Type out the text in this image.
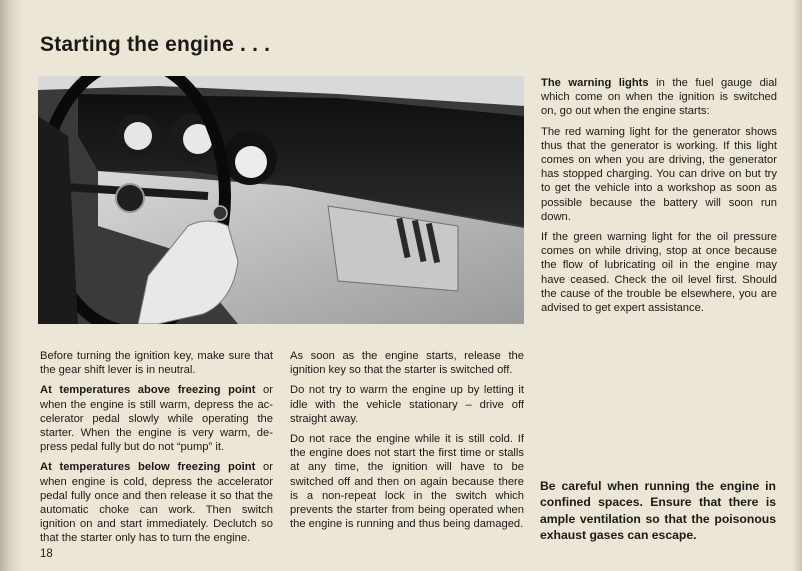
Starting the engine . . .

Before turning the ignition key, make sure that the gear shift lever is in neutral.

At temperatures above freezing point or when the engine is still warm, depress the accelerator pedal slowly while operating the starter. When the engine is very warm, depress pedal fully but do not “pump” it.

At temperatures below freezing point or when engine is cold, depress the accelerator pedal fully once and then release it so that the automatic choke can work. Then switch ignition on and start immediately. Declutch so that the starter only has to turn the engine.

As soon as the engine starts, release the ignition key so that the starter is switched off.

Do not try to warm the engine up by letting it idle with the vehicle stationary – drive off straight away.

Do not race the engine while it is still cold. If the engine does not start the first time or stalls at any time, the ignition will have to be switched off and then on again because there is a non-repeat lock in the switch which prevents the starter from being operated when the engine is running and thus being damaged.

The warning lights in the fuel gauge dial which come on when the ignition is switched on, go out when the engine starts:

The red warning light for the generator shows thus that the generator is working. If this light comes on when you are driving, the generator has stopped charging. You can drive on but try to get the vehicle into a workshop as soon as possible because the battery will soon run down.

If the green warning light for the oil pressure comes on while driving, stop at once because the flow of lubricating oil in the engine may have ceased. Check the oil level first. Should the cause of the trouble be elsewhere, you are advised to get expert assistance.

Be careful when running the engine in confined spaces. Ensure that there is ample ventilation so that the poisonous exhaust gases can escape.
18
